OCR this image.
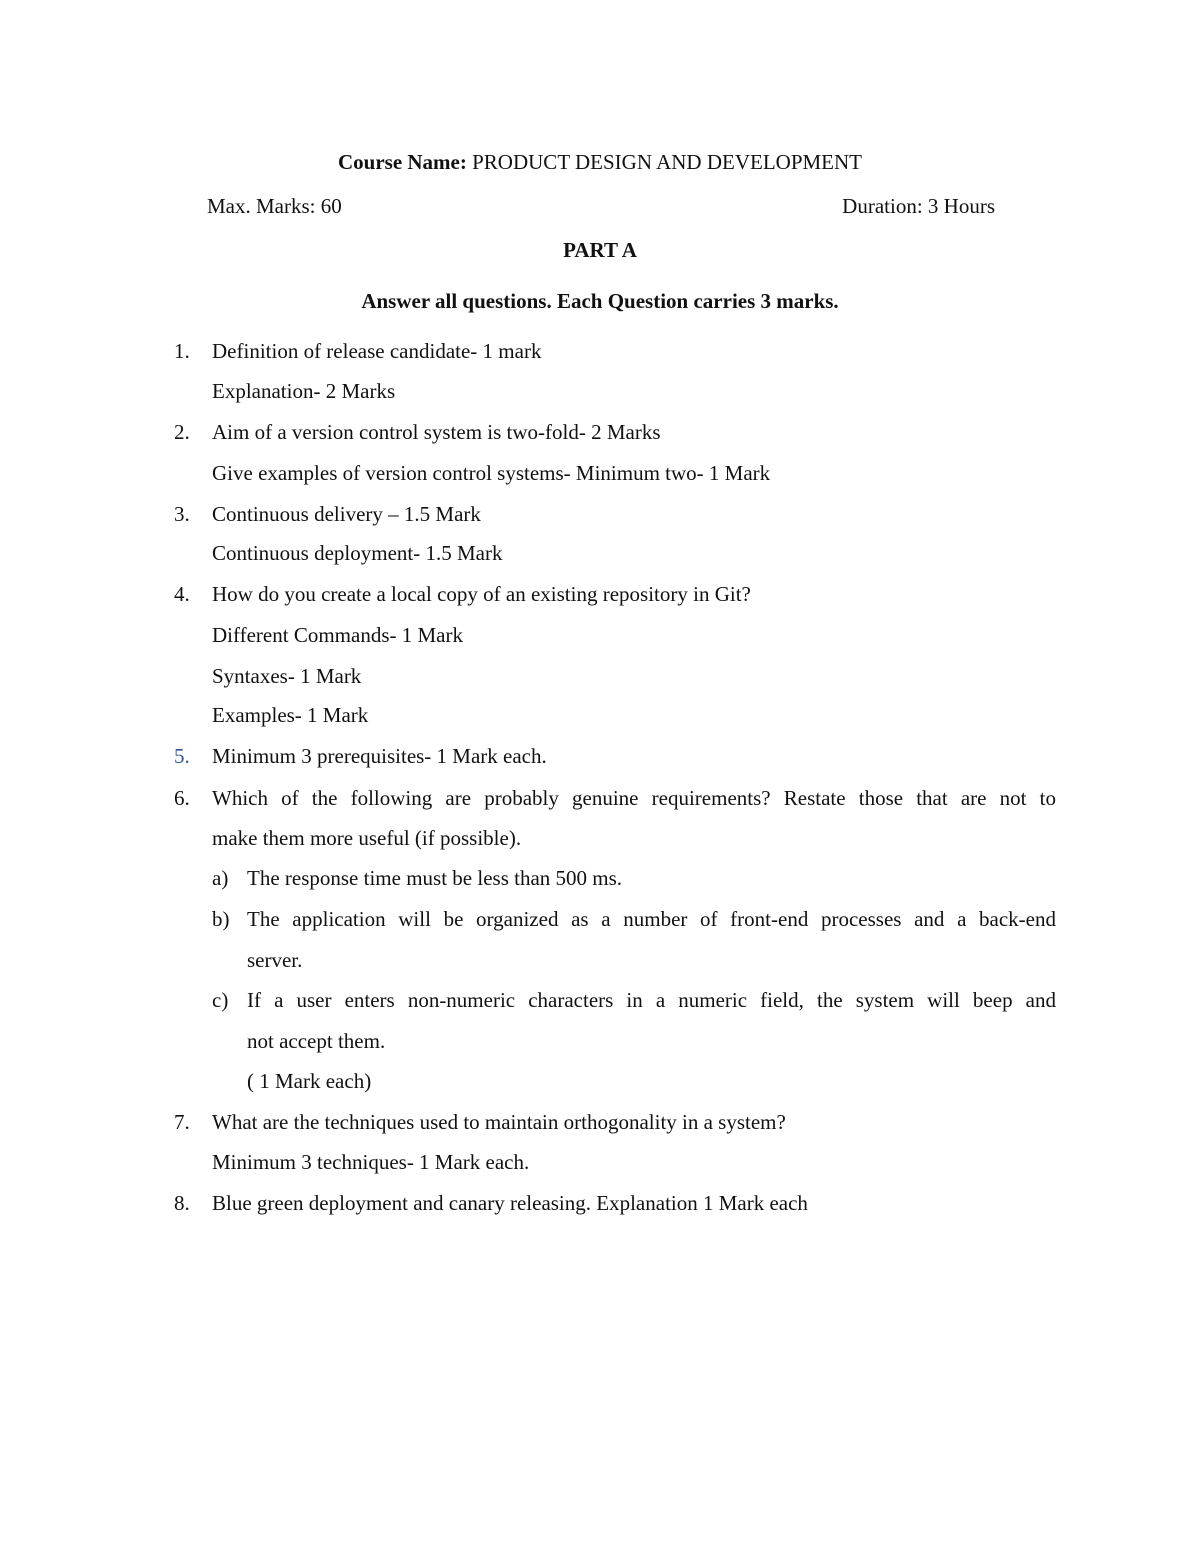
Course Name: PRODUCT DESIGN AND DEVELOPMENT
Max. Marks: 60	Duration: 3 Hours
PART A
Answer all questions. Each Question carries 3 marks.
1. Definition of release candidate- 1 mark
Explanation- 2 Marks
2. Aim of a version control system is two-fold- 2 Marks
Give examples of version control systems- Minimum two- 1 Mark
3. Continuous delivery – 1.5 Mark
Continuous deployment- 1.5 Mark
4. How do you create a local copy of an existing repository in Git?
Different Commands- 1 Mark
Syntaxes- 1 Mark
Examples- 1 Mark
5. Minimum 3 prerequisites- 1 Mark each.
6. Which of the following are probably genuine requirements? Restate those that are not to
make them more useful (if possible).
a) The response time must be less than 500 ms.
b) The application will be organized as a number of front-end processes and a back-end
server.
c) If a user enters non-numeric characters in a numeric field, the system will beep and
not accept them.
( 1 Mark each)
7. What are the techniques used to maintain orthogonality in a system?
Minimum 3 techniques- 1 Mark each.
8. Blue green deployment and canary releasing. Explanation 1 Mark each
